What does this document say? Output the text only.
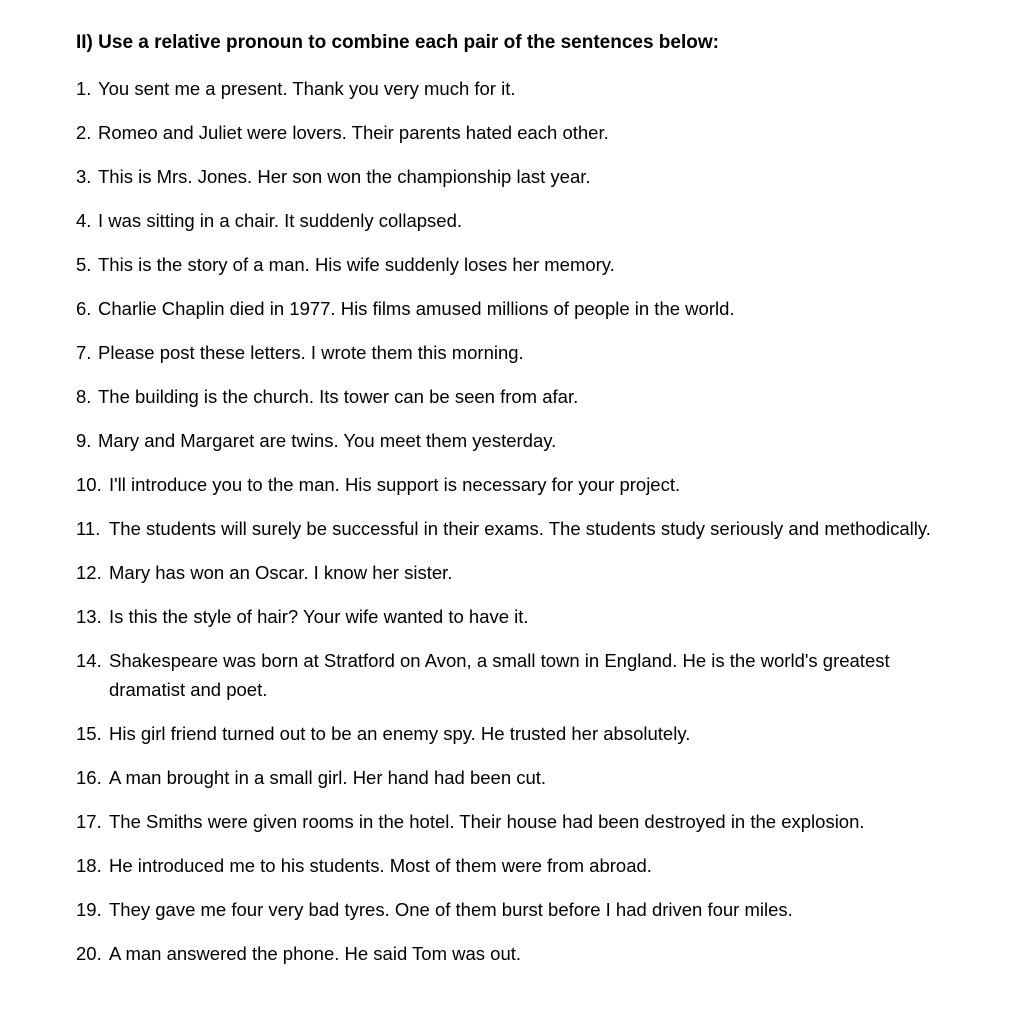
II) Use a relative pronoun to combine each pair of the sentences below:
1. You sent me a present. Thank you very much for it.
2. Romeo and Juliet were lovers. Their parents hated each other.
3. This is Mrs. Jones. Her son won the championship last year.
4. I was sitting in a chair. It suddenly collapsed.
5. This is the story of a man. His wife suddenly loses her memory.
6. Charlie Chaplin died in 1977. His films amused millions of people in the world.
7. Please post these letters. I wrote them this morning.
8. The building is the church. Its tower can be seen from afar.
9. Mary and Margaret are twins. You meet them yesterday.
10. I'll introduce you to the man. His support is necessary for your project.
11. The students will surely be successful in their exams. The students study seriously and methodically.
12. Mary has won an Oscar. I know her sister.
13. Is this the style of hair? Your wife wanted to have it.
14. Shakespeare was born at Stratford on Avon, a small town in England. He is the world's greatest dramatist and poet.
15. His girl friend turned out to be an enemy spy. He trusted her absolutely.
16. A man brought in a small girl. Her hand had been cut.
17. The Smiths were given rooms in the hotel. Their house had been destroyed in the explosion.
18. He introduced me to his students. Most of them were from abroad.
19. They gave me four very bad tyres. One of them burst before I had driven four miles.
20. A man answered the phone. He said Tom was out.
